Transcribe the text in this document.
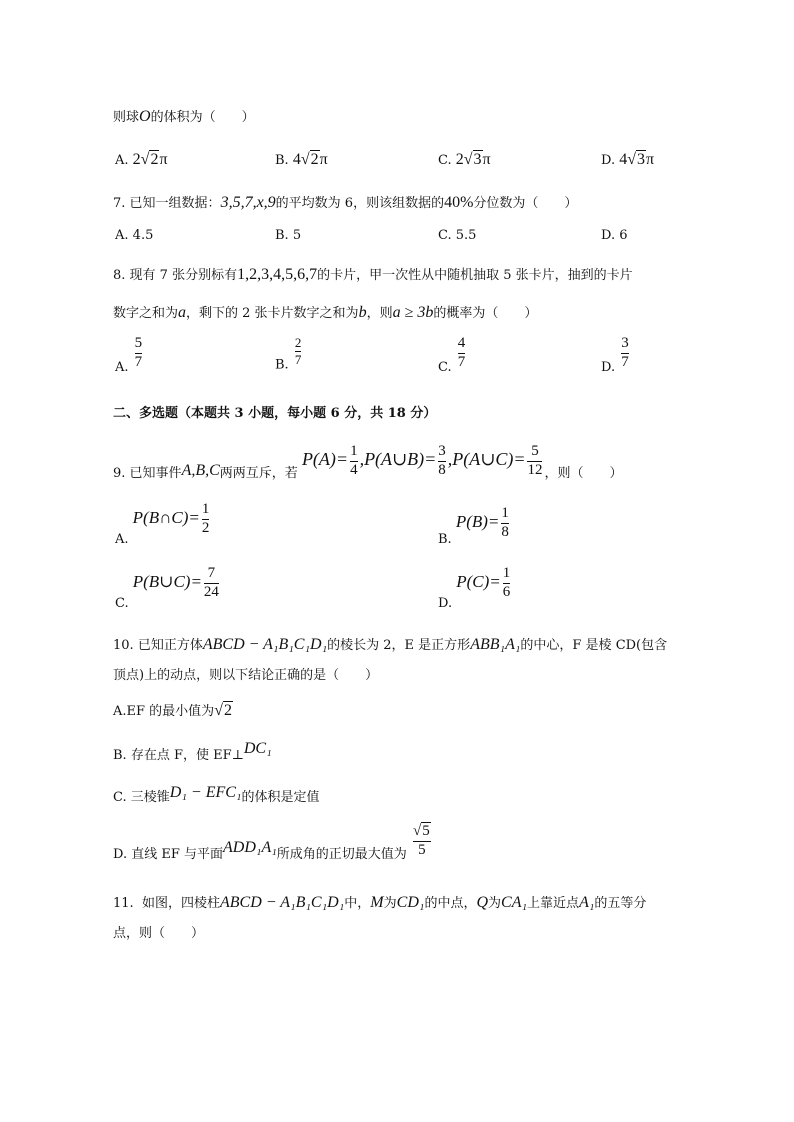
则球O的体积为（　　）
A. 2√2π	B. 4√2π	C. 2√3π	D. 4√3π
7. 已知一组数据：3,5,7,x,9的平均数为 6，则该组数据的40%分位数为（　　）
A. 4.5	B. 5	C. 5.5	D. 6
8. 现有 7 张分别标有1,2,3,4,5,6,7的卡片，甲一次性从中随机抽取 5 张卡片，抽到的卡片
数字之和为a，剩下的 2 张卡片数字之和为b，则a ≥ 3b的概率为（　　）
A. $\frac{5}{7}$	B. $\frac{2}{7}$
C. $\frac{4}{7}$	D. $\frac{3}{7}$
二、多选题（本题共 3 小题，每小题 6 分，共 18 分）
9. 已知事件A,B,C两两互斥，若 $P(A)= \frac{1}{4}$ ,P(A∪B)= $\frac{3}{8}$ ,P(A∪C)= $\frac{5}{12}$ ，则（　　）
A. P(B∩C)= $\frac{1}{2}$
B. $P(B)= \frac{1}{8}$
C. P(B∪C)= $\frac{7}{24}$
D. $P(C)= \frac{1}{6}$
10. 已知正方体ABCD − A₁B₁C₁D₁的棱长为 2，E 是正方形ABB₁A₁的中心，F 是棱 CD(包含
顶点)上的动点，则以下结论正确的是（　　）
A.EF 的最小值为√2
B. 存在点 F，使 EF⊥DC₁
C. 三棱锥D₁ − EFC₁的体积是定值
D. 直线 EF 与平面ADD₁A₁所成角的正切最大值为 $\frac{√5}{5}$
11. 如图，四棱柱ABCD − A₁B₁C₁D₁中，M为CD₁的中点，Q为CA₁上靠近点A₁的五等分
点，则（　　）
